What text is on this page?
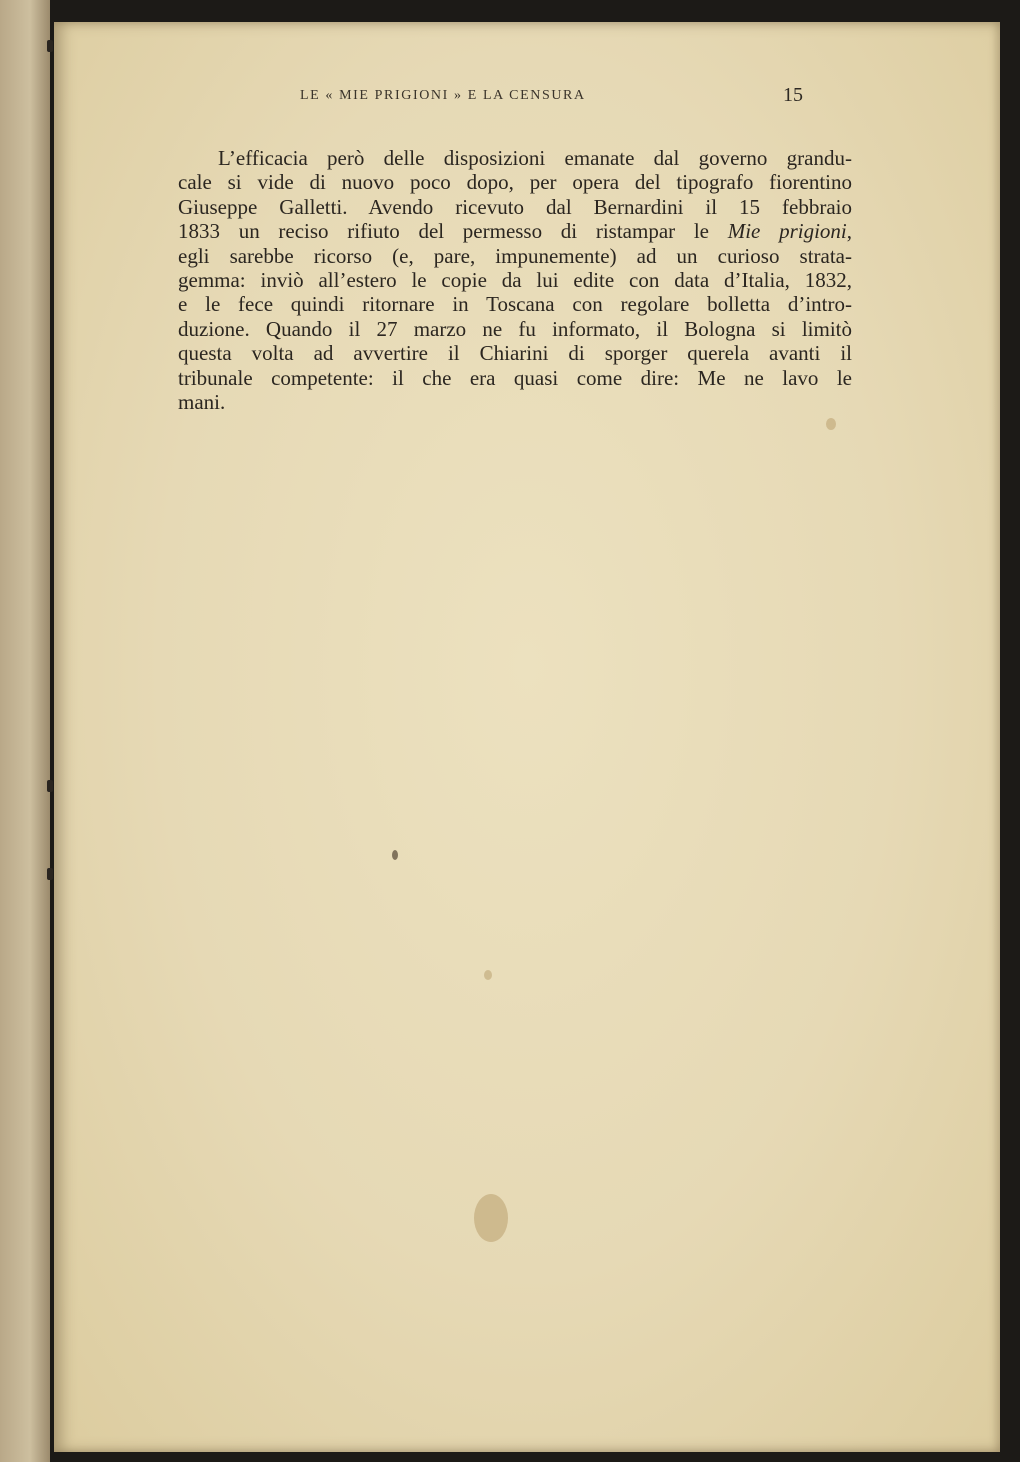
LE « MIE PRIGIONI » E LA CENSURA	15
L’efficacia però delle disposizioni emanate dal governo grandu-
cale si vide di nuovo poco dopo, per opera del tipografo fiorentino
Giuseppe Galletti. Avendo ricevuto dal Bernardini il 15 febbraio
1833 un reciso rifiuto del permesso di ristampar le Mie prigioni,
egli sarebbe ricorso (e, pare, impunemente) ad un curioso strata-
gemma: inviò all’estero le copie da lui edite con data d’Italia, 1832,
e le fece quindi ritornare in Toscana con regolare bolletta d’intro-
duzione. Quando il 27 marzo ne fu informato, il Bologna si limitò
questa volta ad avvertire il Chiarini di sporger querela avanti il
tribunale competente: il che era quasi come dire: Me ne lavo le
mani.
